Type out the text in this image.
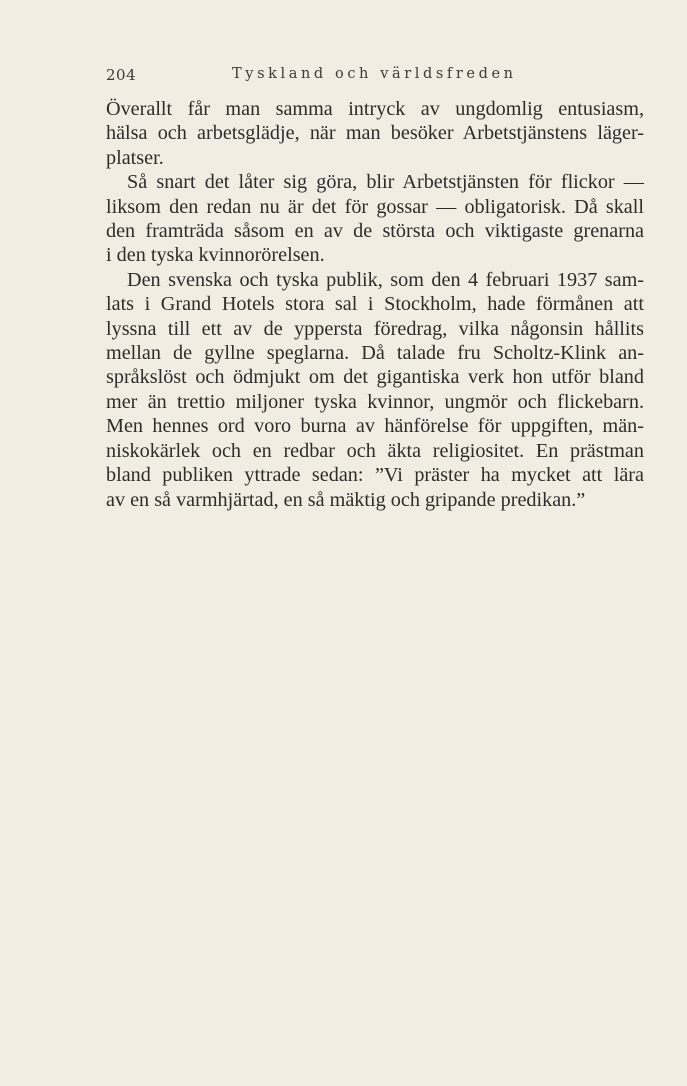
204	Tyskland och världsfreden

Överallt får man samma intryck av ungdomlig entusiasm,
hälsa och arbetsglädje, när man besöker Arbetstjänstens läger-
platser.

Så snart det låter sig göra, blir Arbetstjänsten för flickor —
liksom den redan nu är det för gossar — obligatorisk. Då skall
den framträda såsom en av de största och viktigaste grenarna
i den tyska kvinnorörelsen.

Den svenska och tyska publik, som den 4 februari 1937 sam-
lats i Grand Hotels stora sal i Stockholm, hade förmånen att
lyssna till ett av de yppersta föredrag, vilka någonsin hållits
mellan de gyllne speglarna. Då talade fru Scholtz-Klink an-
språkslöst och ödmjukt om det gigantiska verk hon utför bland
mer än trettio miljoner tyska kvinnor, ungmör och flickebarn.
Men hennes ord voro burna av hänförelse för uppgiften, män-
niskokärlek och en redbar och äkta religiositet. En prästman
bland publiken yttrade sedan: ”Vi präster ha mycket att lära
av en så varmhjärtad, en så mäktig och gripande predikan.”
